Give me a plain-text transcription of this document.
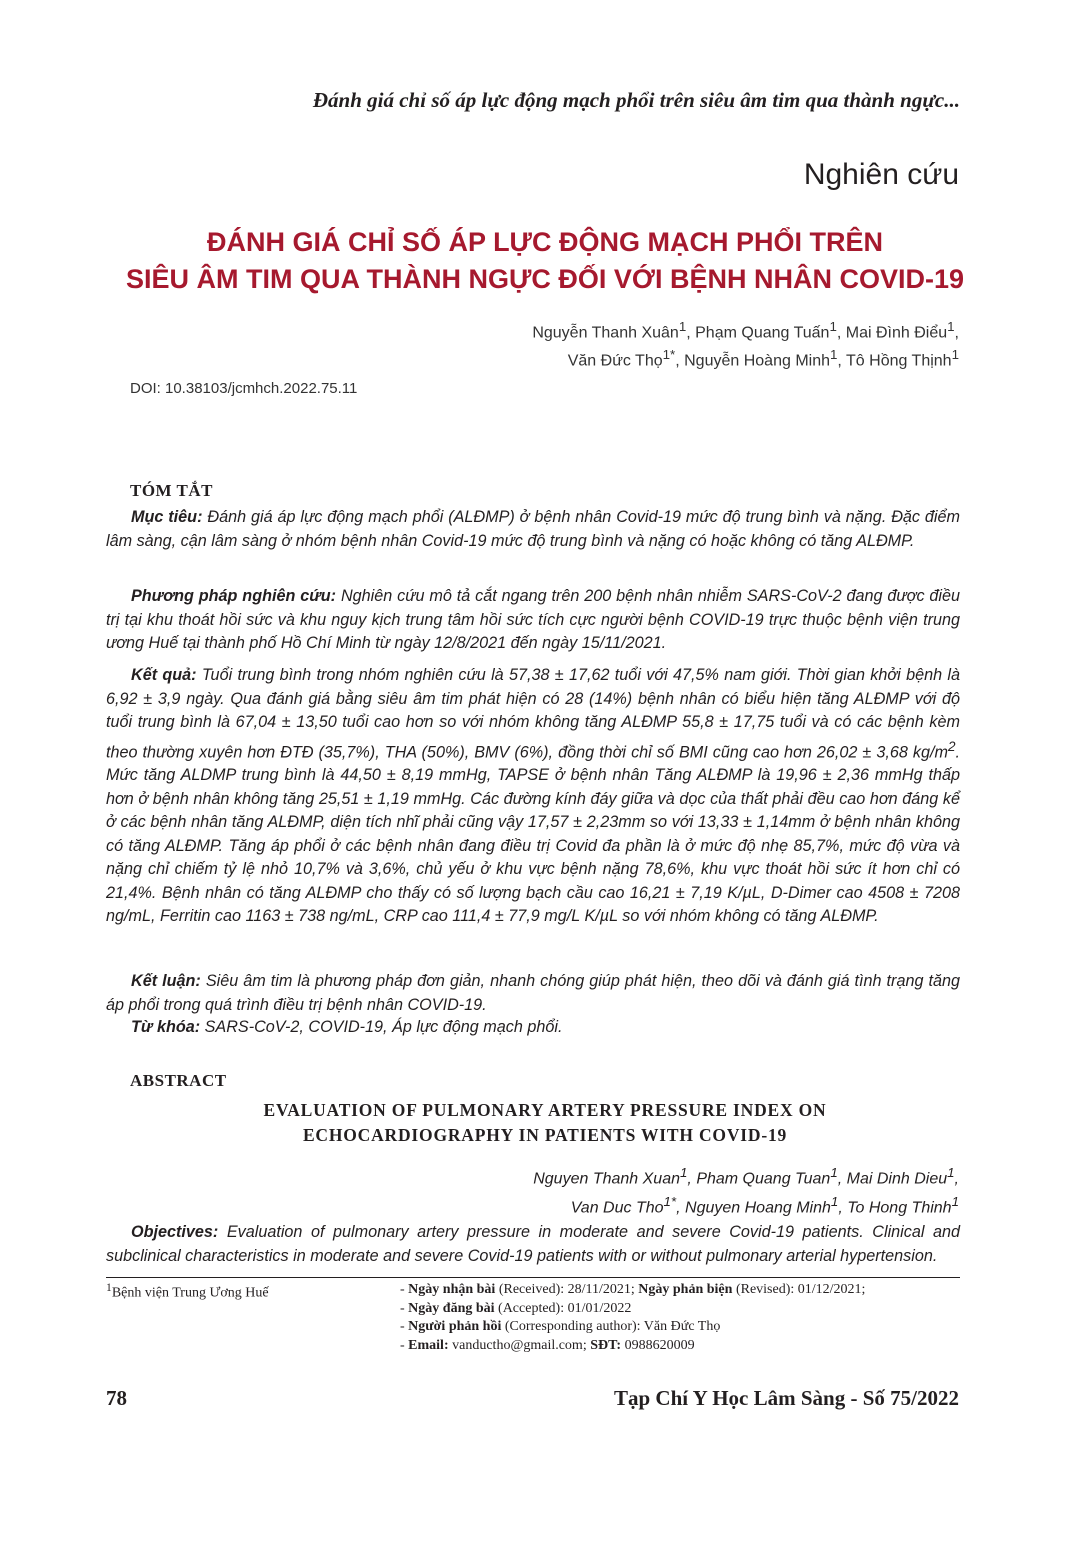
Đánh giá chỉ số áp lực động mạch phổi trên siêu âm tim qua thành ngực...
Nghiên cứu
ĐÁNH GIÁ CHỈ SỐ ÁP LỰC ĐỘNG MẠCH PHỔI TRÊN
SIÊU ÂM TIM QUA THÀNH NGỰC ĐỐI VỚI BỆNH NHÂN COVID-19
Nguyễn Thanh Xuân$^1$, Phạm Quang Tuấn$^1$, Mai Đình Điểu$^1$,
Văn Đức Thọ$^{1*}$, Nguyễn Hoàng Minh$^1$, Tô Hồng Thịnh$^1$
DOI: 10.38103/jcmhch.2022.75.11
TÓM TẮT

Mục tiêu: Đánh giá áp lực động mạch phổi (ALĐMP) ở bệnh nhân Covid-19 mức độ trung bình và nặng. Đặc điểm lâm sàng, cận lâm sàng ở nhóm bệnh nhân Covid-19 mức độ trung bình và nặng có hoặc không có tăng ALĐMP.

Phương pháp nghiên cứu: Nghiên cứu mô tả cắt ngang trên 200 bệnh nhân nhiễm SARS-CoV-2 đang được điều trị tại khu thoát hồi sức và khu nguy kịch trung tâm hồi sức tích cực người bệnh COVID-19 trực thuộc bệnh viện trung ương Huế tại thành phố Hồ Chí Minh từ ngày 12/8/2021 đến ngày 15/11/2021.

Kết quả: Tuổi trung bình trong nhóm nghiên cứu là 57,38 ± 17,62 tuổi với 47,5% nam giới. Thời gian khởi bệnh là 6,92 ± 3,9 ngày. Qua đánh giá bằng siêu âm tim phát hiện có 28 (14%) bệnh nhân có biểu hiện tăng ALĐMP với độ tuổi trung bình là 67,04 ± 13,50 tuổi cao hơn so với nhóm không tăng ALĐMP 55,8 ± 17,75 tuổi và có các bệnh kèm theo thường xuyên hơn ĐTĐ (35,7%), THA (50%), BMV (6%), đồng thời chỉ số BMI cũng cao hơn 26,02 ± 3,68 $kg/m^2$. Mức tăng ALDMP trung bình là 44,50 ± 8,19 mmHg, TAPSE ở bệnh nhân Tăng ALĐMP là 19,96 ± 2,36 mmHg thấp hơn ở bệnh nhân không tăng 25,51 ± 1,19 mmHg. Các đường kính đáy giữa và dọc của thất phải đều cao hơn đáng kể ở các bệnh nhân tăng ALĐMP, diện tích nhĩ phải cũng vậy 17,57 ± 2,23mm so với 13,33 ± 1,14mm ở bệnh nhân không có tăng ALĐMP. Tăng áp phổi ở các bệnh nhân đang điều trị Covid đa phần là ở mức độ nhẹ 85,7%, mức độ vừa và nặng chỉ chiếm tỷ lệ nhỏ 10,7% và 3,6%, chủ yếu ở khu vực bệnh nặng 78,6%, khu vực thoát hồi sức ít hơn chỉ có 21,4%. Bệnh nhân có tăng ALĐMP cho thấy có số lượng bạch cầu cao 16,21 ± 7,19 K/µL, D-Dimer cao 4508 ± 7208 ng/mL, Ferritin cao 1163 ± 738 ng/mL, CRP cao 111,4 ± 77,9 mg/L K/µL so với nhóm không có tăng ALĐMP.

Kết luận: Siêu âm tim là phương pháp đơn giản, nhanh chóng giúp phát hiện, theo dõi và đánh giá tình trạng tăng áp phổi trong quá trình điều trị bệnh nhân COVID-19.

Từ khóa: SARS-CoV-2, COVID-19, Áp lực động mạch phổi.

ABSTRACT
EVALUATION OF PULMONARY ARTERY PRESSURE INDEX ON
ECHOCARDIOGRAPHY IN PATIENTS WITH COVID-19
Nguyen Thanh Xuan$^1$, Pham Quang Tuan$^1$, Mai Dinh Dieu$^1$,
Van Duc Tho$^{1*}$, Nguyen Hoang Minh$^1$, To Hong Thinh$^1$

Objectives: Evaluation of pulmonary artery pressure in moderate and severe Covid-19 patients. Clinical and subclinical characteristics in moderate and severe Covid-19 patients with or without pulmonary arterial hypertension.

$^1$Bệnh viện Trung Ương Huế	- Ngày nhận bài (Received): 28/11/2021; Ngày phản biện (Revised): 01/12/2021;
- Ngày đăng bài (Accepted): 01/01/2022
- Người phản hồi (Corresponding author): Văn Đức Thọ
- Email: vanductho@gmail.com; SĐT: 0988620009
78	Tạp Chí Y Học Lâm Sàng - Số 75/2022
